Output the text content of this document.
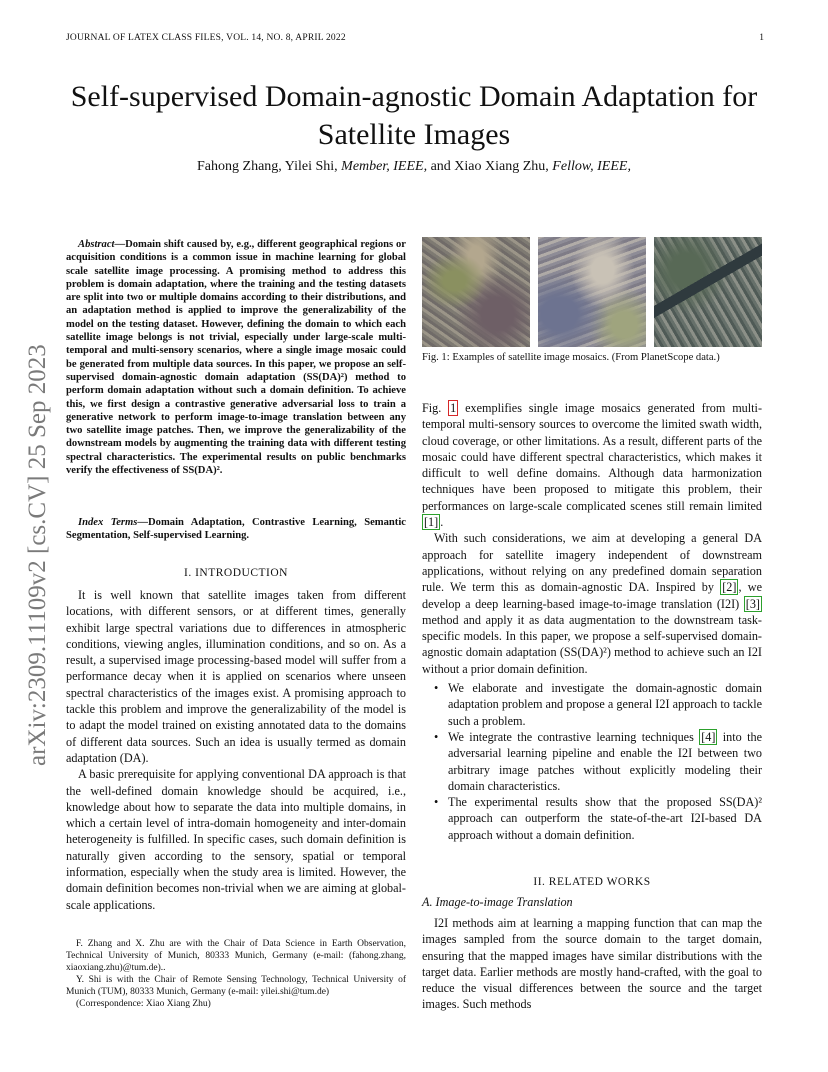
JOURNAL OF LATEX CLASS FILES, VOL. 14, NO. 8, APRIL 2022	1
arXiv:2309.11109v2 [cs.CV] 25 Sep 2023
Self-supervised Domain-agnostic Domain Adaptation for Satellite Images
Fahong Zhang, Yilei Shi, Member, IEEE, and Xiao Xiang Zhu, Fellow, IEEE,
Abstract—Domain shift caused by, e.g., different geographical regions or acquisition conditions is a common issue in machine learning for global scale satellite image processing. A promising method to address this problem is domain adaptation, where the training and the testing datasets are split into two or multiple domains according to their distributions, and an adaptation method is applied to improve the generalizability of the model on the testing dataset. However, defining the domain to which each satellite image belongs is not trivial, especially under large-scale multi-temporal and multi-sensory scenarios, where a single image mosaic could be generated from multiple data sources. In this paper, we propose an self-supervised domain-agnostic domain adaptation (SS(DA)²) method to perform domain adaptation without such a domain definition. To achieve this, we first design a contrastive generative adversarial loss to train a generative network to perform image-to-image translation between any two satellite image patches. Then, we improve the generalizability of the downstream models by augmenting the training data with different testing spectral characteristics. The experimental results on public benchmarks verify the effectiveness of SS(DA)².
Index Terms—Domain Adaptation, Contrastive Learning, Semantic Segmentation, Self-supervised Learning.
I. INTRODUCTION

It is well known that satellite images taken from different locations, with different sensors, or at different times, generally exhibit large spectral variations due to differences in atmospheric conditions, viewing angles, illumination conditions, and so on. As a result, a supervised image processing-based model will suffer from a performance decay when it is applied on scenarios where unseen spectral characteristics of the images exist. A promising approach to tackle this problem and improve the generalizability of the model is to adapt the model trained on existing annotated data to the domains of different data sources. Such an idea is usually termed as domain adaptation (DA).

A basic prerequisite for applying conventional DA approach is that the well-defined domain knowledge should be acquired, i.e., knowledge about how to separate the data into multiple domains, in which a certain level of intra-domain homogeneity and inter-domain heterogeneity is fulfilled. In specific cases, such domain definition is naturally given according to the sensory, spatial or temporal information, especially when the study area is limited. However, the domain definition becomes non-trivial when we are aiming at global-scale applications.

F. Zhang and X. Zhu are with the Chair of Data Science in Earth Observation, Technical University of Munich, 80333 Munich, Germany (e-mail: (fahong.zhang, xiaoxiang.zhu)@tum.de)..

Y. Shi is with the Chair of Remote Sensing Technology, Technical University of Munich (TUM), 80333 Munich, Germany (e-mail: yilei.shi@tum.de)

(Correspondence: Xiao Xiang Zhu)

Fig. 1: Examples of satellite image mosaics. (From PlanetScope data.)

Fig. 1 exemplifies single image mosaics generated from multi-temporal multi-sensory sources to overcome the limited swath width, cloud coverage, or other limitations. As a result, different parts of the mosaic could have different spectral characteristics, which makes it difficult to well define domains. Although data harmonization techniques have been proposed to mitigate this problem, their performances on large-scale complicated scenes still remain limited [1] .

With such considerations, we aim at developing a general DA approach for satellite imagery independent of downstream applications, without relying on any predefined domain separation rule. We term this as domain-agnostic DA. Inspired by [2] , we develop a deep learning-based image-to-image translation (I2I) [3] method and apply it as data augmentation to the downstream task-specific models. In this paper, we propose a self-supervised domain-agnostic domain adaptation (SS(DA)²) method to achieve such an I2I without a prior domain definition.

• We elaborate and investigate the domain-agnostic domain adaptation problem and propose a general I2I approach to tackle such a problem.
• We integrate the contrastive learning techniques [4] into the adversarial learning pipeline and enable the I2I between two arbitrary image patches without explicitly modeling their domain characteristics.
• The experimental results show that the proposed SS(DA)² approach can outperform the state-of-the-art I2I-based DA approach without a domain definition.
II. RELATED WORKS
A. Image-to-image Translation

I2I methods aim at learning a mapping function that can map the images sampled from the source domain to the target domain, ensuring that the mapped images have similar distributions with the target data. Earlier methods are mostly hand-crafted, with the goal to reduce the visual differences between the source and the target images. Such methods
